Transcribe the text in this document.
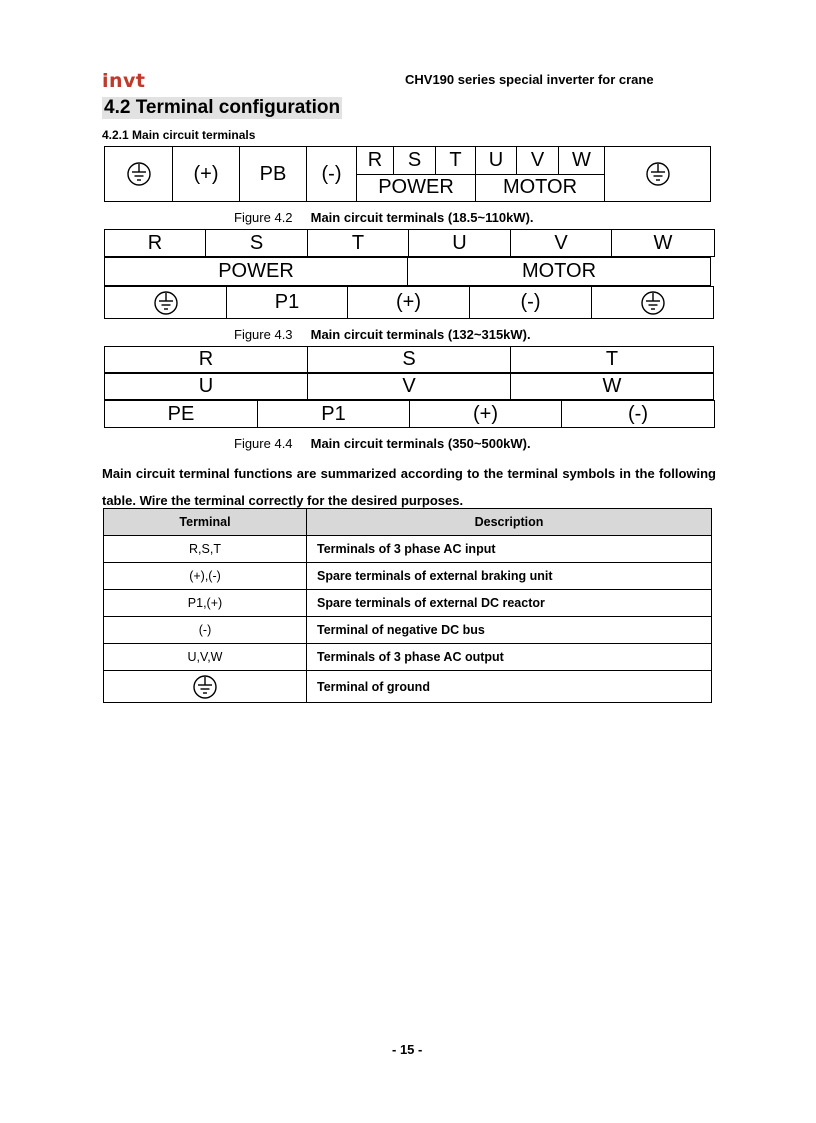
invt	CHV190 series special inverter for crane
4.2 Terminal configuration
4.2.1 Main circuit terminals
	(+)	PB	(-)	R	S	T	U	V	W	
				POWER			MOTOR			
Figure 4.2 Main circuit terminals (18.5~110kW).
R	S	T	U	V	W
POWER	MOTOR
	P1	(+)	(-)	
Figure 4.3 Main circuit terminals (132~315kW).
R	S	T
U	V	W
PE	P1	(+)	(-)
Figure 4.4 Main circuit terminals (350~500kW).
Main circuit terminal functions are summarized according to the terminal symbols in the following table. Wire the terminal correctly for the desired purposes.
Terminal	Description
R,S,T	Terminals of 3 phase AC input
(+),(-)	Spare terminals of external braking unit
P1,(+)	Spare terminals of external DC reactor
(-)	Terminal of negative DC bus
U,V,W	Terminals of 3 phase AC output
	Terminal of ground
- 15 -
